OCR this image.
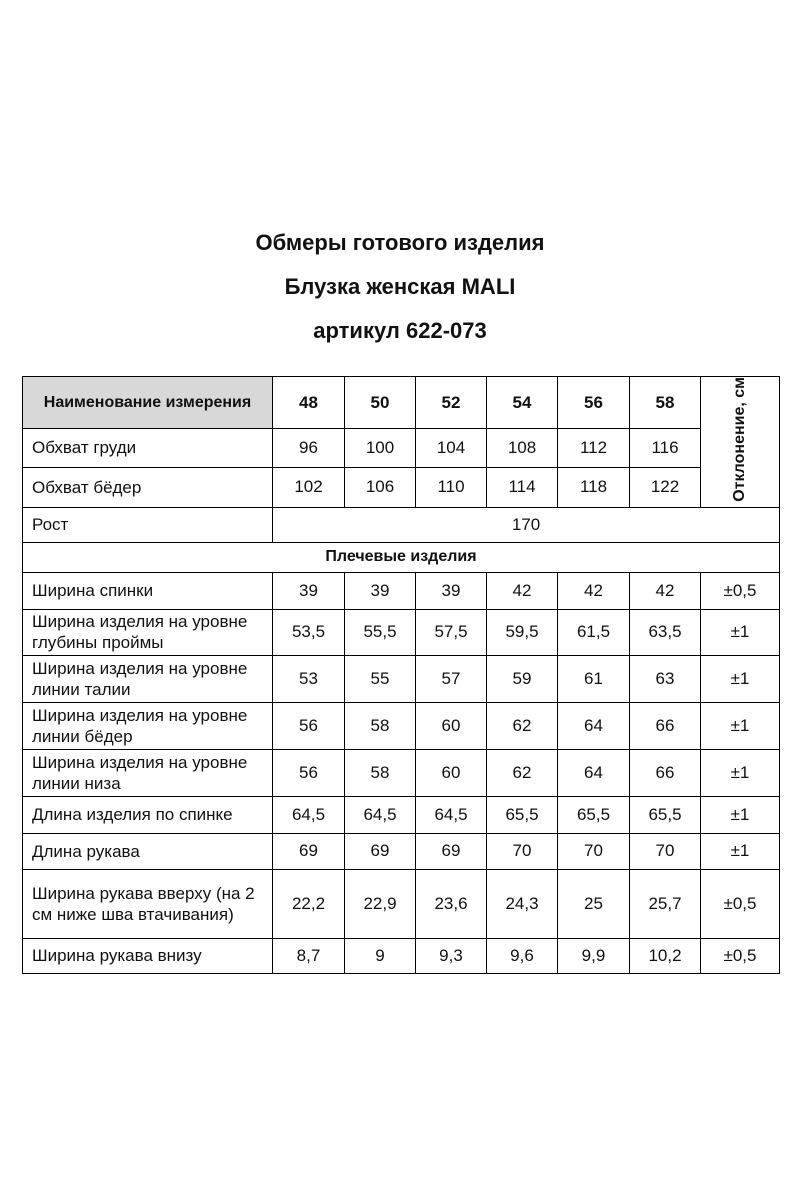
Обмеры готового изделия
Блузка женская MALI
артикул 622-073
Наименование измерения	48	50	52	54	56	58	Отклонение, см
Обхват груди	96	100	104	108	112	116	
Обхват бёдер	102	106	110	114	118	122	
Рост	170						
Плечевые изделия							
Ширина спинки	39	39	39	42	42	42	±0,5
Ширина изделия на уровне глубины проймы	53,5	55,5	57,5	59,5	61,5	63,5	±1
Ширина изделия на уровне линии талии	53	55	57	59	61	63	±1
Ширина изделия на уровне линии бёдер	56	58	60	62	64	66	±1
Ширина изделия на уровне линии низа	56	58	60	62	64	66	±1
Длина изделия по спинке	64,5	64,5	64,5	65,5	65,5	65,5	±1
Длина рукава	69	69	69	70	70	70	±1
Ширина рукава вверху (на 2 см ниже шва втачивания)	22,2	22,9	23,6	24,3	25	25,7	±0,5
Ширина рукава внизу	8,7	9	9,3	9,6	9,9	10,2	±0,5
